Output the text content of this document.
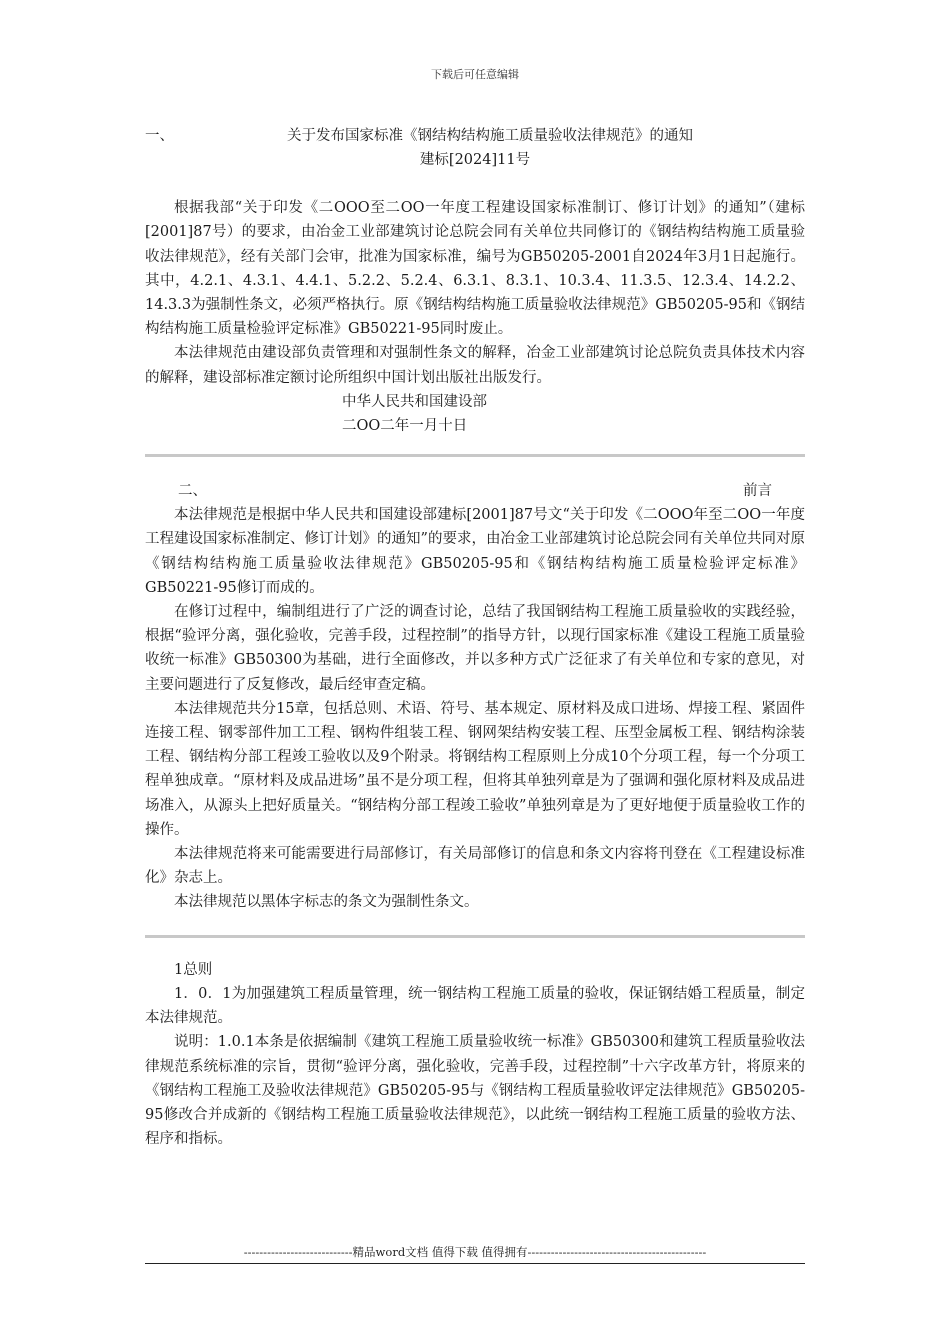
下载后可任意编辑
一、	关于发布国家标准《钢结构结构施工质量验收法律规范》的通知

建标[2024]11号

根据我部“关于印发《二OOO至二OO一年度工程建设国家标准制订、修订计划》的通知”（建标[2001]87号）的要求，由冶金工业部建筑讨论总院会同有关单位共同修订的《钢结构结构施工质量验收法律规范》，经有关部门会审，批准为国家标准，编号为GB50205-2001自2024年3月1日起施行。其中，4.2.1、4.3.1、4.4.1、5.2.2、5.2.4、6.3.1、8.3.1、10.3.4、11.3.5、12.3.4、14.2.2、14.3.3为强制性条文，必须严格执行。原《钢结构结构施工质量验收法律规范》GB50205-95和《钢结构结构施工质量检验评定标准》GB50221-95同时废止。

本法律规范由建设部负责管理和对强制性条文的解释，冶金工业部建筑讨论总院负责具体技术内容的解释，建设部标准定额讨论所组织中国计划出版社出版发行。

中华人民共和国建设部

二OO二年一月十日

二、	前言

本法律规范是根据中华人民共和国建设部建标[2001]87号文“关于印发《二OOO年至二OO一年度工程建设国家标准制定、修订计划》的通知”的要求，由冶金工业部建筑讨论总院会同有关单位共同对原《钢结构结构施工质量验收法律规范》GB50205-95和《钢结构结构施工质量检验评定标准》GB50221-95修订而成的。

在修订过程中，编制组进行了广泛的调查讨论，总结了我国钢结构工程施工质量验收的实践经验，根据“验评分离，强化验收，完善手段，过程控制”的指导方针，以现行国家标准《建设工程施工质量验收统一标准》GB50300为基础，进行全面修改，并以多种方式广泛征求了有关单位和专家的意见，对主要问题进行了反复修改，最后经审查定稿。

本法律规范共分15章，包括总则、术语、符号、基本规定、原材料及成口进场、焊接工程、紧固件连接工程、钢零部件加工工程、钢构件组装工程、钢网架结构安装工程、压型金属板工程、钢结构涂装工程、钢结构分部工程竣工验收以及9个附录。将钢结构工程原则上分成10个分项工程，每一个分项工程单独成章。“原材料及成品进场”虽不是分项工程，但将其单独列章是为了强调和强化原材料及成品进场准入，从源头上把好质量关。“钢结构分部工程竣工验收”单独列章是为了更好地便于质量验收工作的操作。

本法律规范将来可能需要进行局部修订，有关局部修订的信息和条文内容将刊登在《工程建设标准化》杂志上。

本法律规范以黑体字标志的条文为强制性条文。

1总则

1．0．1为加强建筑工程质量管理，统一钢结构工程施工质量的验收，保证钢结婚工程质量，制定本法律规范。

说明：1.0.1本条是依据编制《建筑工程施工质量验收统一标准》GB50300和建筑工程质量验收法律规范系统标准的宗旨，贯彻“验评分离，强化验收，完善手段，过程控制”十六字改革方针，将原来的《钢结构工程施工及验收法律规范》GB50205-95与《钢结构工程质量验收评定法律规范》GB50205-95修改合并成新的《钢结构工程施工质量验收法律规范》，以此统一钢结构工程施工质量的验收方法、程序和指标。

----------------------------精品word文档 值得下载 值得拥有----------------------------------------------
